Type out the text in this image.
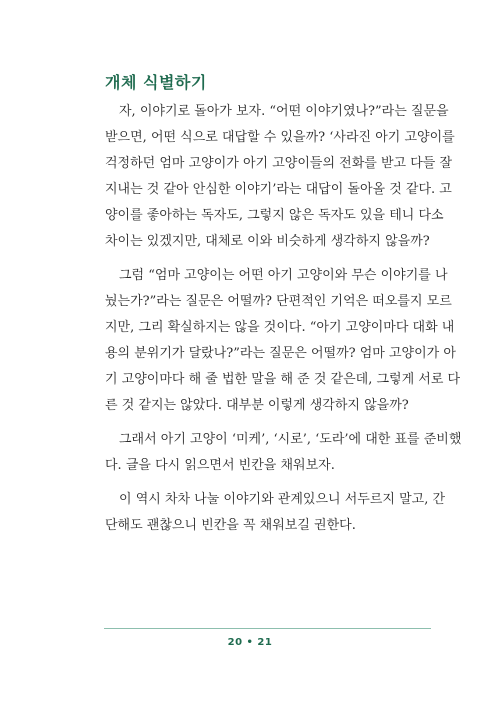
개체 식별하기

자, 이야기로 돌아가 보자. “어떤 이야기였나?”라는 질문을
받으면, 어떤 식으로 대답할 수 있을까? ‘사라진 아기 고양이를
걱정하던 엄마 고양이가 아기 고양이들의 전화를 받고 다들 잘
지내는 것 같아 안심한 이야기’라는 대답이 돌아올 것 같다. 고
양이를 좋아하는 독자도, 그렇지 않은 독자도 있을 테니 다소
차이는 있겠지만, 대체로 이와 비슷하게 생각하지 않을까?

그럼 “엄마 고양이는 어떤 아기 고양이와 무슨 이야기를 나
눴는가?”라는 질문은 어떨까? 단편적인 기억은 떠오를지 모르
지만, 그리 확실하지는 않을 것이다. “아기 고양이마다 대화 내
용의 분위기가 달랐나?”라는 질문은 어떨까? 엄마 고양이가 아
기 고양이마다 해 줄 법한 말을 해 준 것 같은데, 그렇게 서로 다
른 것 같지는 않았다. 대부분 이렇게 생각하지 않을까?

그래서 아기 고양이 ‘미케’, ‘시로’, ‘도라’에 대한 표를 준비했
다. 글을 다시 읽으면서 빈칸을 채워보자.

이 역시 차차 나눌 이야기와 관계있으니 서두르지 말고, 간
단해도 괜찮으니 빈칸을 꼭 채워보길 권한다.

20 • 21
